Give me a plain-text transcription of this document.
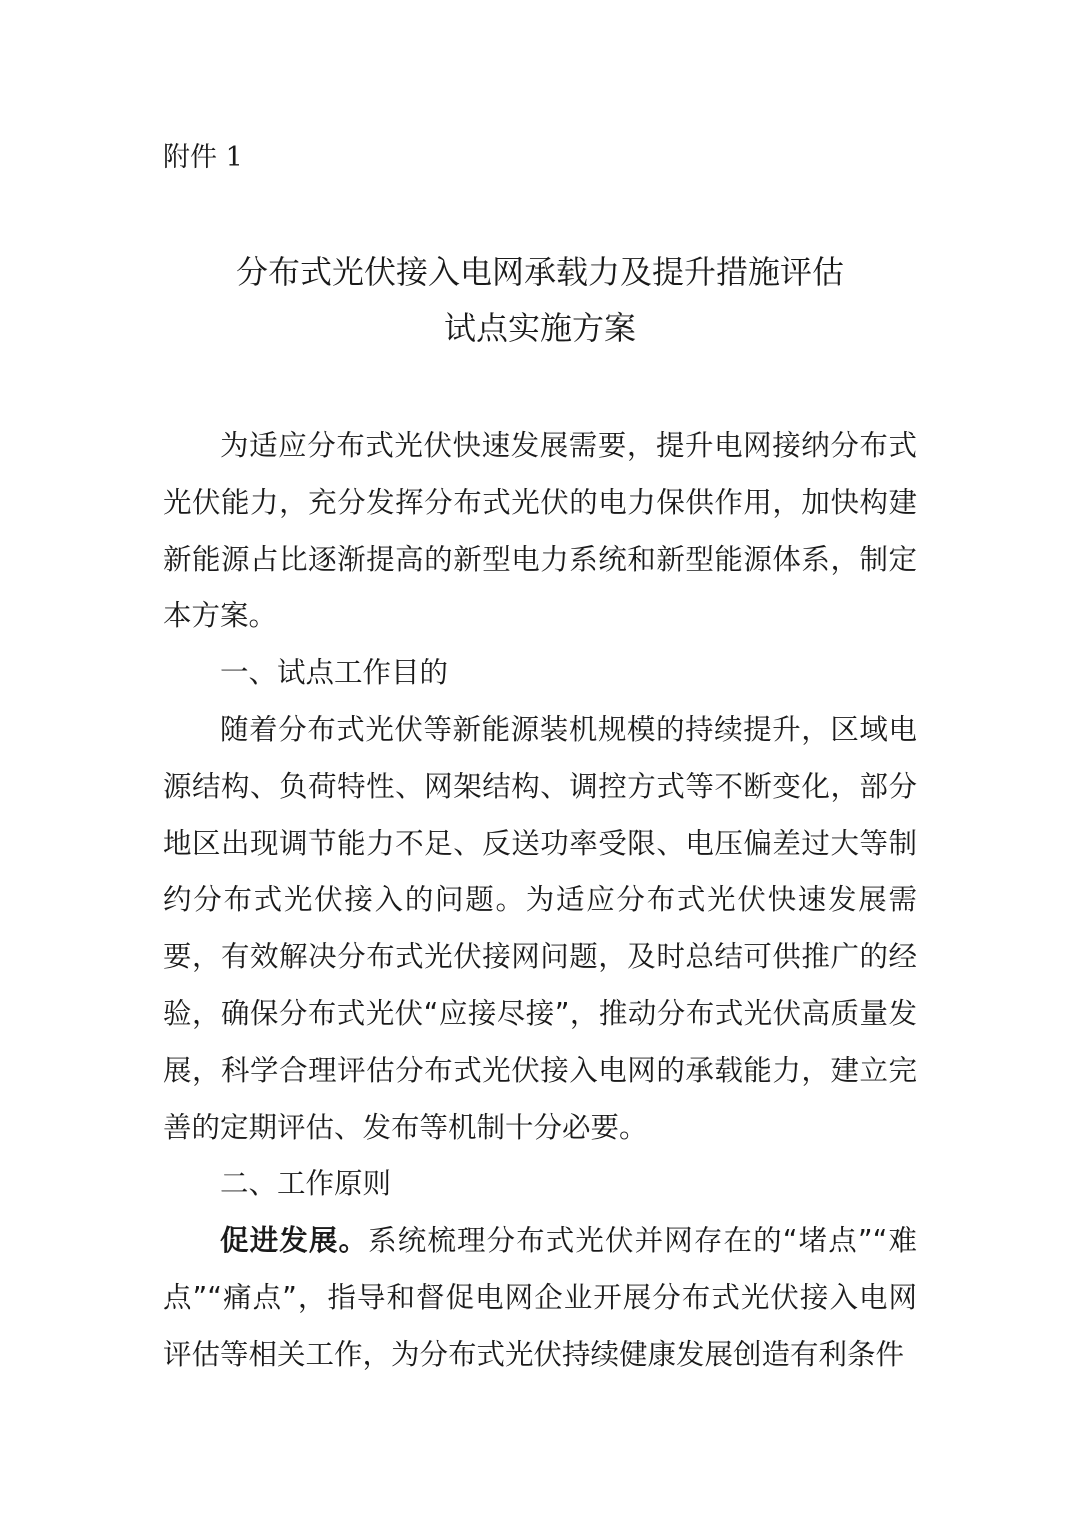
附件 1

分布式光伏接入电网承载力及提升措施评估
试点实施方案

为适应分布式光伏快速发展需要，提升电网接纳分布式光伏能力，充分发挥分布式光伏的电力保供作用，加快构建新能源占比逐渐提高的新型电力系统和新型能源体系，制定本方案。

一、试点工作目的

随着分布式光伏等新能源装机规模的持续提升，区域电源结构、负荷特性、网架结构、调控方式等不断变化，部分地区出现调节能力不足、反送功率受限、电压偏差过大等制约分布式光伏接入的问题。为适应分布式光伏快速发展需要，有效解决分布式光伏接网问题，及时总结可供推广的经验，确保分布式光伏“应接尽接”，推动分布式光伏高质量发展，科学合理评估分布式光伏接入电网的承载能力，建立完善的定期评估、发布等机制十分必要。

二、工作原则

促进发展。系统梳理分布式光伏并网存在的“堵点”“难点”“痛点”，指导和督促电网企业开展分布式光伏接入电网评估等相关工作，为分布式光伏持续健康发展创造有利条件
